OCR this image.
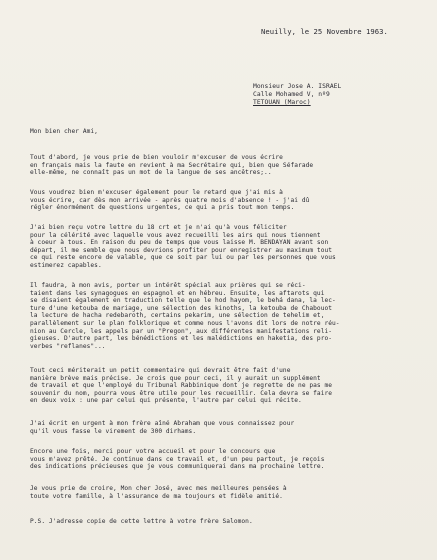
Neuilly, le 25 Novembre 1963.
Monsieur Jose A. ISRAEL
Calle Mohamed V, nº9
TETOUAN (Maroc)
Mon bien cher Ami,
Tout d'abord, je vous prie de bien vouloir m'excuser de vous écrire
en français mais la faute en revient à ma Secrétaire qui, bien que Séfarade
elle-même, ne connaît pas un mot de la langue de ses ancêtres;..
Vous voudrez bien m'excuser également pour le retard que j'ai mis à
vous écrire, car dès mon arrivée - après quatre mois d'absence ! - j'ai dû
régler énormément de questions urgentes, ce qui a pris tout mon temps.
J'ai bien reçu votre lettre du 18 crt et je n'ai qu'à vous féliciter
pour la célérité avec laquelle vous avez recueilli les airs qui nous tiennent
à coeur à tous. En raison du peu de temps que vous laisse M. BENDAYAN avant son
départ, il me semble que nous devrions profiter pour enregistrer au maximum tout
ce qui reste encore de valable, que ce soit par lui ou par les personnes que vous
estimerez capables.
Il faudra, à mon avis, porter un intérêt spécial aux prières qui se réci-
taient dans les synagogues en espagnol et en hébreu. Ensuite, les aftarots qui
se disaient également en traduction telle que le hod hayom, le behá dana, la lec-
ture d'une ketouba de mariage, une sélection des kinoths, la ketouba de Chabouot
la lecture de hacha redebaroth, certains pekarim, une sélection de tehelim et,
parallèlement sur le plan folklorique et comme nous l'avons dit lors de notre réu-
nion au Cercle, les appels par un "Pregon", aux différentes manifestations reli-
gieuses. D'autre part, les bénédictions et les malédictions en haketia, des pro-
verbes "reflanes"...
Tout ceci mériterait un petit commentaire qui devrait être fait d'une
manière brève mais précise. Je crois que pour ceci, il y aurait un supplément
de travail et que l'employé du Tribunal Rabbinique dont je regrette de ne pas me
souvenir du nom, pourra vous être utile pour les recueillir. Cela devra se faire
en deux voix : une par celui qui présente, l'autre par celui qui récite.
J'ai écrit en urgent à mon frère aîné Abraham que vous connaissez pour
qu'il vous fasse le virement de 300 dirhams.
Encore une fois, merci pour votre accueil et pour le concours que
vous m'avez prêté. Je continue dans ce travail et, d'un peu partout, je reçois
des indications précieuses que je vous communiquerai dans ma prochaine lettre.
Je vous prie de croire, Mon cher José, avec mes meilleures pensées à
toute votre famille, à l'assurance de ma toujours et fidèle amitié.
P.S. J'adresse copie de cette lettre à votre frère Salomon.
